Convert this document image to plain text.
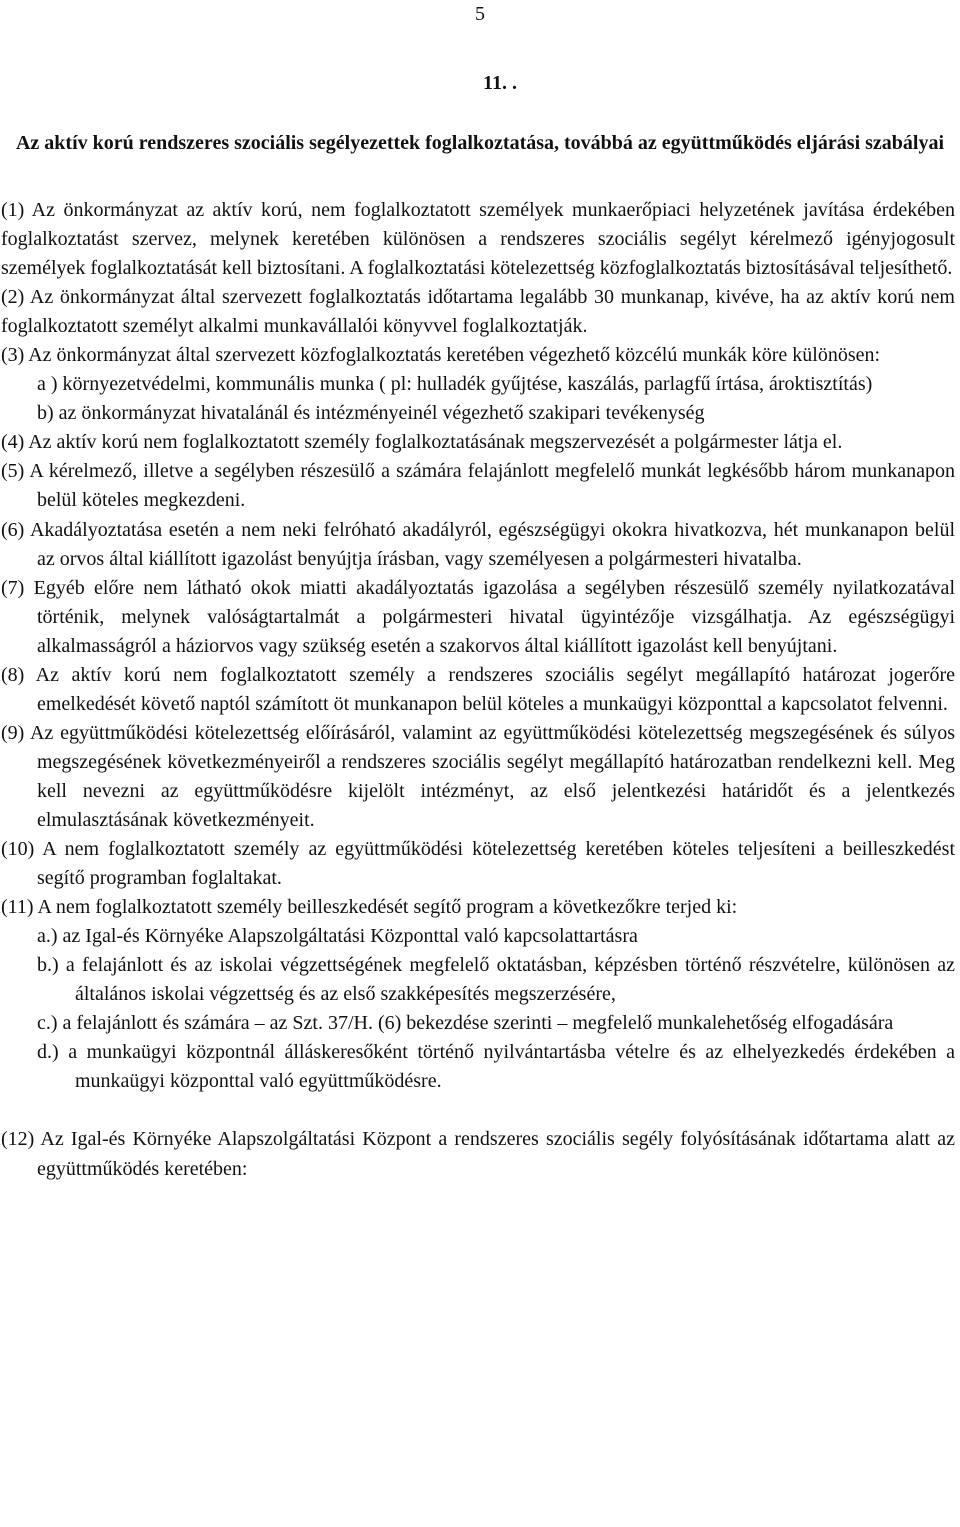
5
11. .
Az aktív korú rendszeres szociális segélyezettek foglalkoztatása, továbbá az együttműködés eljárási szabályai

(1) Az önkormányzat az aktív korú, nem foglalkoztatott személyek munkaerőpiaci helyzetének javítása érdekében foglalkoztatást szervez, melynek keretében különösen a rendszeres szociális segélyt kérelmező igényjogosult személyek foglalkoztatását kell biztosítani. A foglalkoztatási kötelezettség közfoglalkoztatás biztosításával teljesíthető.

(2) Az önkormányzat által szervezett foglalkoztatás időtartama legalább 30 munkanap, kivéve, ha az aktív korú nem foglalkoztatott személyt alkalmi munkavállalói könyvvel foglalkoztatják.

(3) Az önkormányzat által szervezett közfoglalkoztatás keretében végezhető közcélú munkák köre különösen:

a ) környezetvédelmi, kommunális munka ( pl: hulladék gyűjtése, kaszálás, parlagfű írtása, ároktisztítás)

b) az önkormányzat hivatalánál és intézményeinél végezhető szakipari tevékenység

(4) Az aktív korú nem foglalkoztatott személy foglalkoztatásának megszervezését a polgármester látja el.

(5) A kérelmező, illetve a segélyben részesülő a számára felajánlott megfelelő munkát legkésőbb három munkanapon belül köteles megkezdeni.

(6) Akadályoztatása esetén a nem neki felróható akadályról, egészségügyi okokra hivatkozva, hét munkanapon belül az orvos által kiállított igazolást benyújtja írásban, vagy személyesen a polgármesteri hivatalba.

(7) Egyéb előre nem látható okok miatti akadályoztatás igazolása a segélyben részesülő személy nyilatkozatával történik, melynek valóságtartalmát a polgármesteri hivatal ügyintézője vizsgálhatja. Az egészségügyi alkalmasságról a háziorvos vagy szükség esetén a szakorvos által kiállított igazolást kell benyújtani.

(8) Az aktív korú nem foglalkoztatott személy a rendszeres szociális segélyt megállapító határozat jogerőre emelkedését követő naptól számított öt munkanapon belül köteles a munkaügyi központtal a kapcsolatot felvenni.

(9) Az együttműködési kötelezettség előírásáról, valamint az együttműködési kötelezettség megszegésének és súlyos megszegésének következményeiről a rendszeres szociális segélyt megállapító határozatban rendelkezni kell. Meg kell nevezni az együttműködésre kijelölt intézményt, az első jelentkezési határidőt és a jelentkezés elmulasztásának következményeit.

(10) A nem foglalkoztatott személy az együttműködési kötelezettség keretében köteles teljesíteni a beilleszkedést segítő programban foglaltakat.

(11) A nem foglalkoztatott személy beilleszkedését segítő program a következőkre terjed ki:

a.) az Igal-és Környéke Alapszolgáltatási Központtal való kapcsolattartásra
b.) a felajánlott és az iskolai végzettségének megfelelő oktatásban, képzésben történő részvételre, különösen az általános iskolai végzettség és az első szakképesítés megszerzésére,
c.) a felajánlott és számára – az Szt. 37/H. (6) bekezdése szerinti – megfelelő munkalehetőség elfogadására
d.) a munkaügyi központnál álláskeresőként történő nyilvántartásba vételre és az elhelyezkedés érdekében a munkaügyi központtal való együttműködésre.

(12) Az Igal-és Környéke Alapszolgáltatási Központ a rendszeres szociális segély folyósításának időtartama alatt az együttműködés keretében:
